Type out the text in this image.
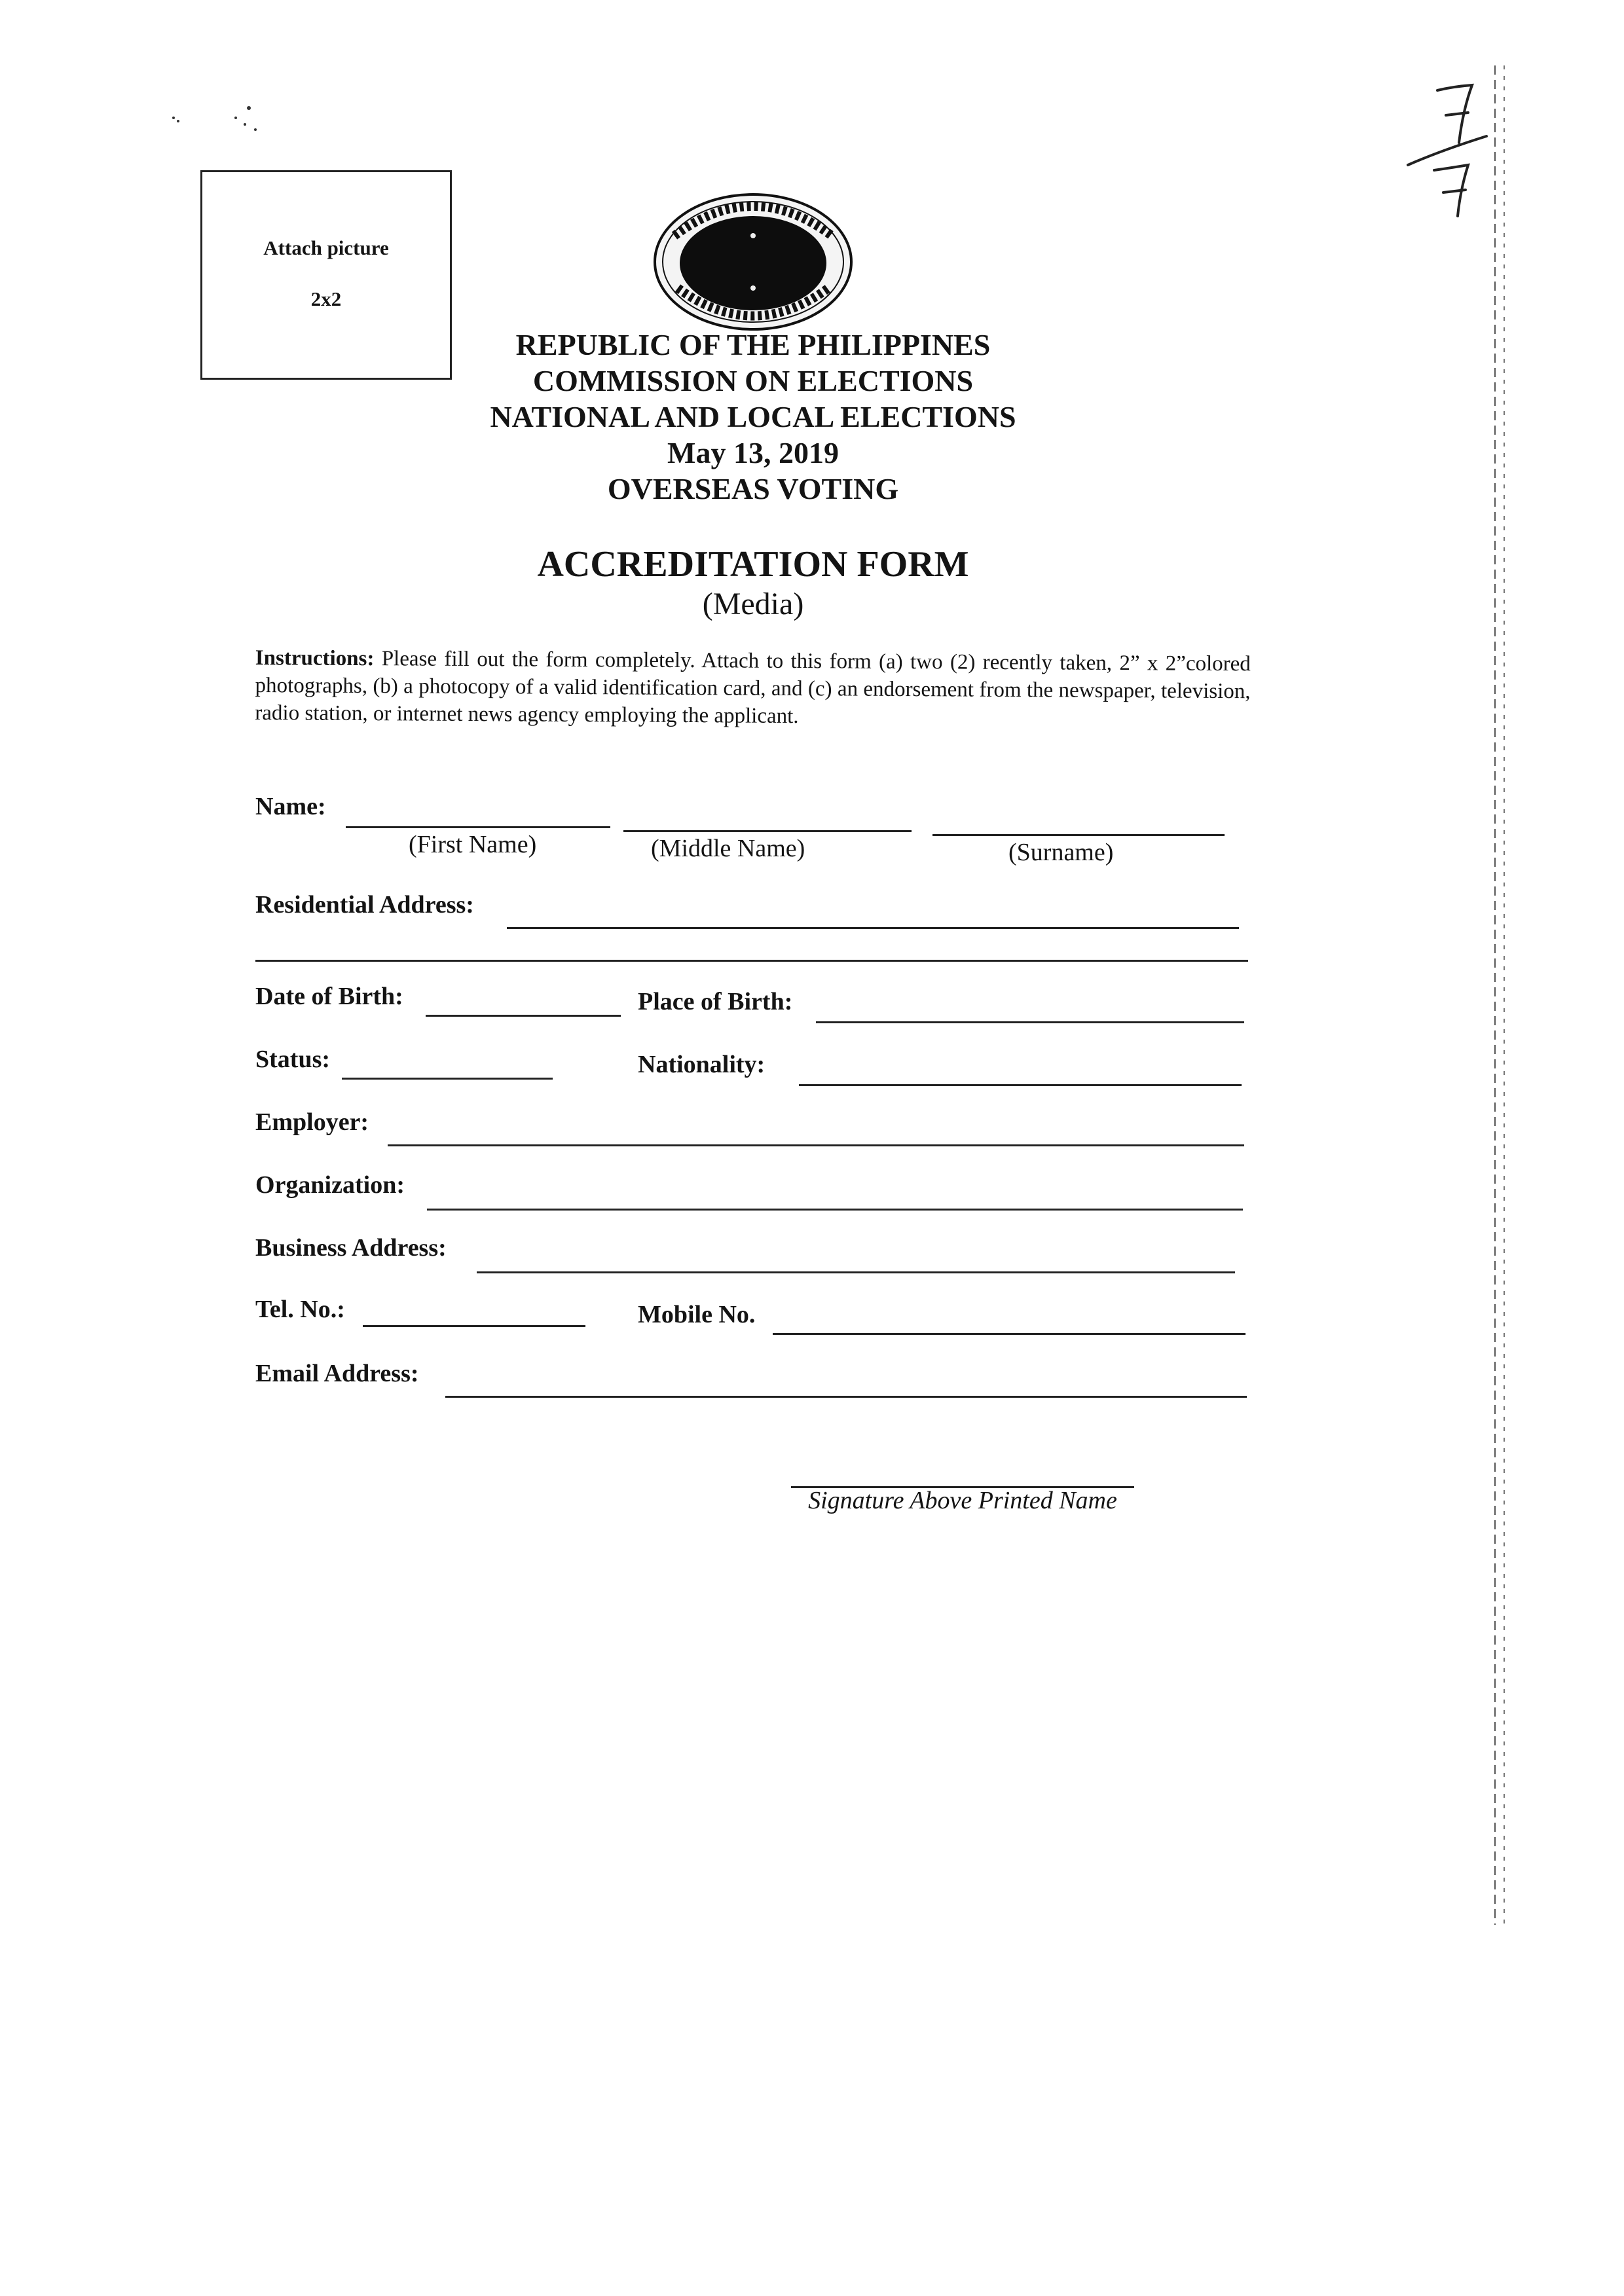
Attach picture
2x2
REPUBLIC OF THE PHILIPPINES
COMMISSION ON ELECTIONS
NATIONAL AND LOCAL ELECTIONS
May 13, 2019
OVERSEAS VOTING
ACCREDITATION FORM
(Media)
Instructions: Please fill out the form completely. Attach to this form (a) two (2) recently taken, 2” x 2”colored photographs, (b) a photocopy of a valid identification card, and (c) an endorsement from the newspaper, television, radio station, or internet news agency employing the applicant.
Name:
(First Name)	(Middle Name)	(Surname)
Residential Address:
Date of Birth:	Place of Birth:
Status:	Nationality:
Employer:
Organization:
Business Address:
Tel. No.:	Mobile No.
Email Address:
Signature Above Printed Name
